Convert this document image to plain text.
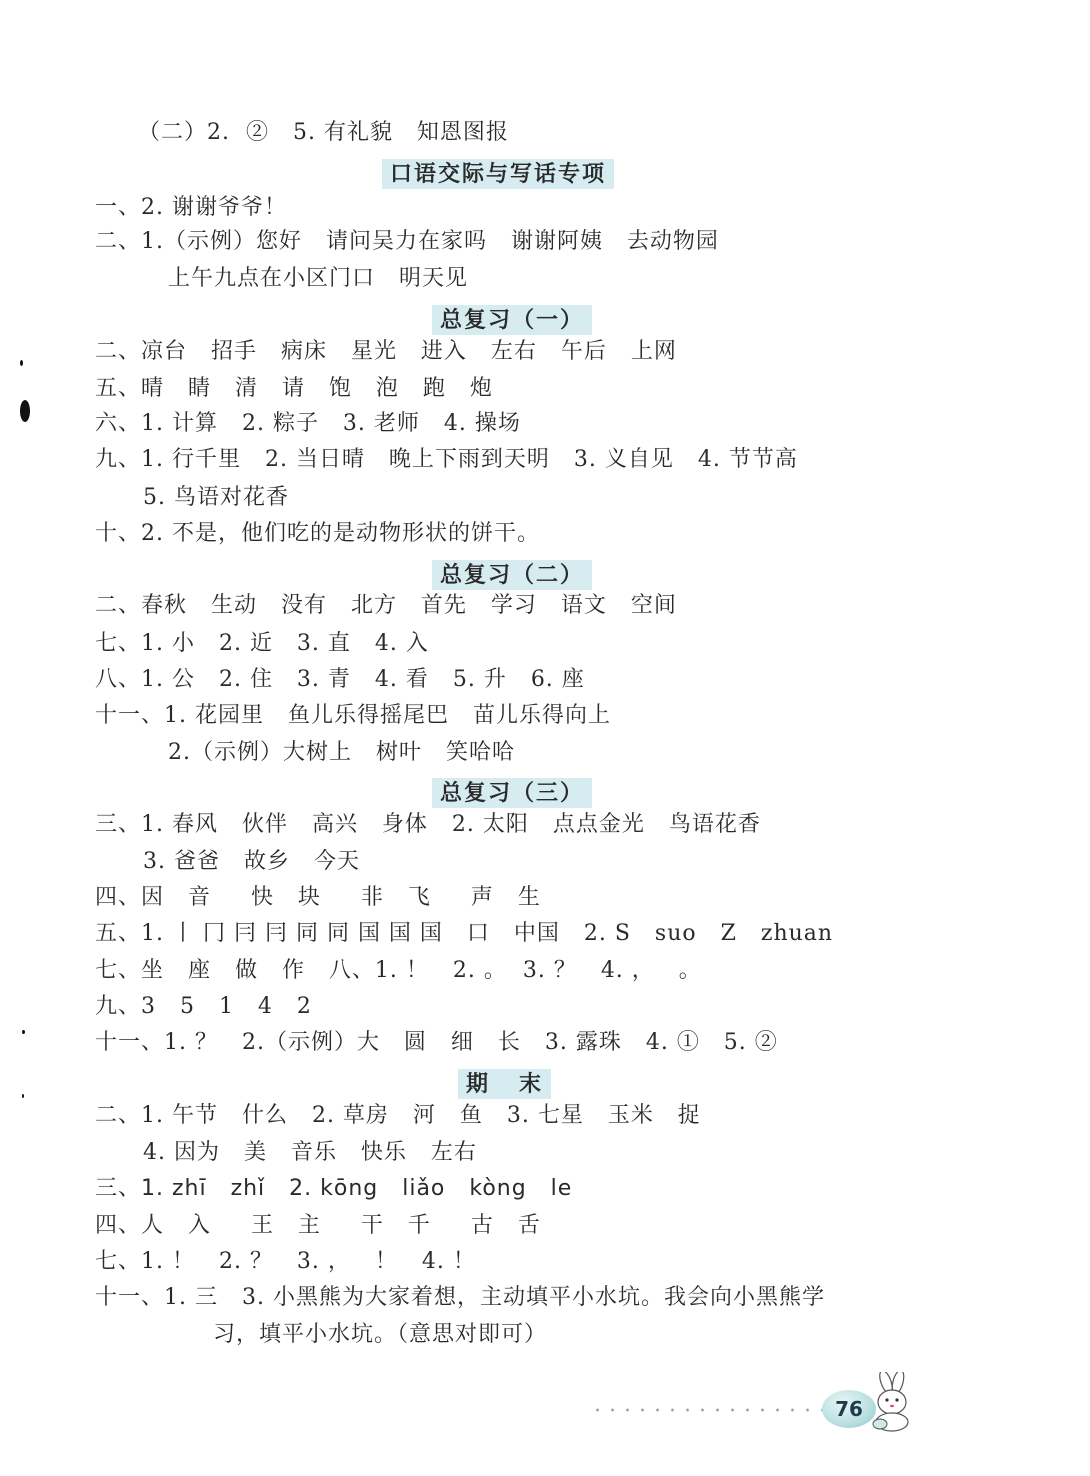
（二）2.  ②   5. 有礼貌   知恩图报
口语交际与写话专项
一、2. 谢谢爷爷！
二、1.（示例）您好   请问吴力在家吗   谢谢阿姨   去动物园
上午九点在小区门口   明天见
总复习（一）
二、凉台   招手   病床   星光   进入   左右   午后   上网
五、晴   睛   清   请   饱   泡   跑   炮
六、1. 计算   2. 粽子   3. 老师   4. 操场
九、1. 行千里   2. 当日晴   晚上下雨到天明   3. 义自见   4. 节节高
5. 鸟语对花香
十、2. 不是，他们吃的是动物形状的饼干。
总复习（二）
二、春秋   生动   没有   北方   首先   学习   语文   空间
七、1. 小   2. 近   3. 直   4. 入
八、1. 公   2. 住   3. 青   4. 看   5. 升   6. 座
十一、1. 花园里   鱼儿乐得摇尾巴   苗儿乐得向上
2.（示例）大树上   树叶   笑哈哈
总复习（三）
三、1. 春风   伙伴   高兴   身体   2. 太阳   点点金光   鸟语花香
3. 爸爸   故乡   今天
四、因   音     快   块     非   飞     声   生
五、1. 丨 冂 冃 冃 同 同 国 国 国   口   中国   2. S   suo   Z   zhuan
七、坐   座   做   作   八、1. ！   2. 。  3. ？   4. ，   。
九、3   5   1   4   2
十一、1. ？   2.（示例）大   圆   细   长   3. 露珠   4. ①   5. ②
期   末
二、1. 午节   什么   2. 草房   河   鱼   3. 七星   玉米   捉
4. 因为   美   音乐   快乐   左右
三、1. zhī   zhǐ   2. kōng   liǎo   kòng   le
四、人   入     王   主     干   千     古   舌
七、1. ！   2. ？   3. ，   ！   4. ！
十一、1. 三   3. 小黑熊为大家着想，主动填平小水坑。我会向小黑熊学
习，填平小水坑。（意思对即可）
76
